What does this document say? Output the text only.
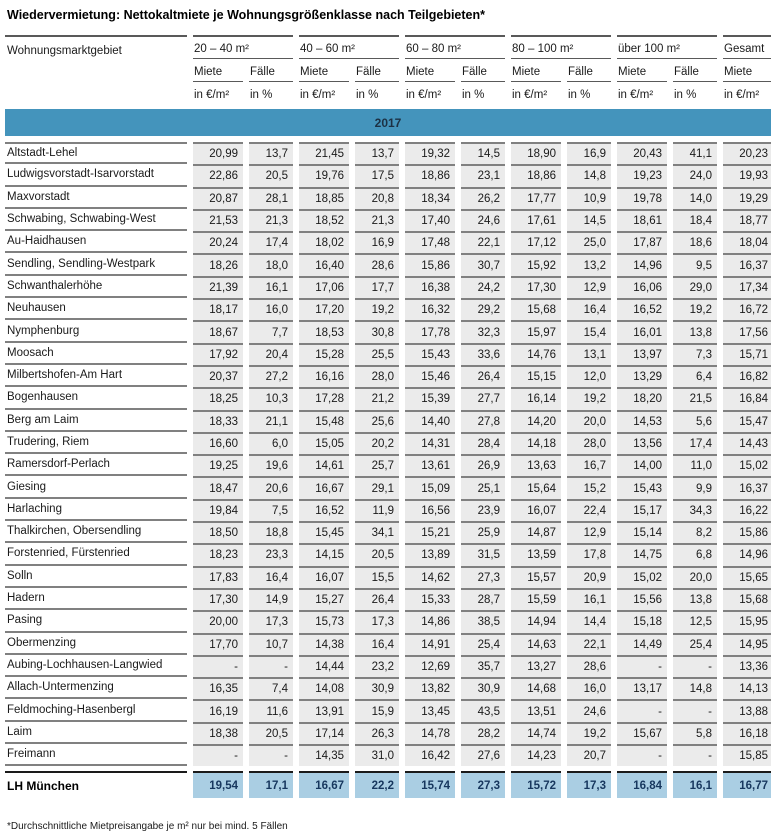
Wiedervermietung: Nettokaltmiete je Wohnungsgrößenklasse nach Teilgebieten*
Wohnungsmarktgebiet	20 – 40 m²	40 – 60 m²	60 – 80 m²	80 – 100 m²	über 100 m²	Gesamt
Miete	Fälle	Miete	Fälle	Miete	Fälle	Miete	Fälle	Miete	Fälle	Miete
in €/m²	in %	in €/m²	in %	in €/m²	in %	in €/m²	in %	in €/m²	in %	in €/m²
2017
Altstadt-Lehel	20,99	13,7	21,45	13,7	19,32	14,5	18,90	16,9	20,43	41,1	20,23
Ludwigsvorstadt-Isarvorstadt	22,86	20,5	19,76	17,5	18,86	23,1	18,86	14,8	19,23	24,0	19,93
Maxvorstadt	20,87	28,1	18,85	20,8	18,34	26,2	17,77	10,9	19,78	14,0	19,29
Schwabing, Schwabing-West	21,53	21,3	18,52	21,3	17,40	24,6	17,61	14,5	18,61	18,4	18,77
Au-Haidhausen	20,24	17,4	18,02	16,9	17,48	22,1	17,12	25,0	17,87	18,6	18,04
Sendling, Sendling-Westpark	18,26	18,0	16,40	28,6	15,86	30,7	15,92	13,2	14,96	9,5	16,37
Schwanthalerhöhe	21,39	16,1	17,06	17,7	16,38	24,2	17,30	12,9	16,06	29,0	17,34
Neuhausen	18,17	16,0	17,20	19,2	16,32	29,2	15,68	16,4	16,52	19,2	16,72
Nymphenburg	18,67	7,7	18,53	30,8	17,78	32,3	15,97	15,4	16,01	13,8	17,56
Moosach	17,92	20,4	15,28	25,5	15,43	33,6	14,76	13,1	13,97	7,3	15,71
Milbertshofen-Am Hart	20,37	27,2	16,16	28,0	15,46	26,4	15,15	12,0	13,29	6,4	16,82
Bogenhausen	18,25	10,3	17,28	21,2	15,39	27,7	16,14	19,2	18,20	21,5	16,84
Berg am Laim	18,33	21,1	15,48	25,6	14,40	27,8	14,20	20,0	14,53	5,6	15,47
Trudering, Riem	16,60	6,0	15,05	20,2	14,31	28,4	14,18	28,0	13,56	17,4	14,43
Ramersdorf-Perlach	19,25	19,6	14,61	25,7	13,61	26,9	13,63	16,7	14,00	11,0	15,02
Giesing	18,47	20,6	16,67	29,1	15,09	25,1	15,64	15,2	15,43	9,9	16,37
Harlaching	19,84	7,5	16,52	11,9	16,56	23,9	16,07	22,4	15,17	34,3	16,22
Thalkirchen, Obersendling	18,50	18,8	15,45	34,1	15,21	25,9	14,87	12,9	15,14	8,2	15,86
Forstenried, Fürstenried	18,23	23,3	14,15	20,5	13,89	31,5	13,59	17,8	14,75	6,8	14,96
Solln	17,83	16,4	16,07	15,5	14,62	27,3	15,57	20,9	15,02	20,0	15,65
Hadern	17,30	14,9	15,27	26,4	15,33	28,7	15,59	16,1	15,56	13,8	15,68
Pasing	20,00	17,3	15,73	17,3	14,86	38,5	14,94	14,4	15,18	12,5	15,95
Obermenzing	17,70	10,7	14,38	16,4	14,91	25,4	14,63	22,1	14,49	25,4	14,95
Aubing-Lochhausen-Langwied	-	-	14,44	23,2	12,69	35,7	13,27	28,6	-	-	13,36
Allach-Untermenzing	16,35	7,4	14,08	30,9	13,82	30,9	14,68	16,0	13,17	14,8	14,13
Feldmoching-Hasenbergl	16,19	11,6	13,91	15,9	13,45	43,5	13,51	24,6	-	-	13,88
Laim	18,38	20,5	17,14	26,3	14,78	28,2	14,74	19,2	15,67	5,8	16,18
Freimann	-	-	14,35	31,0	16,42	27,6	14,23	20,7	-	-	15,85
LH München	19,54	17,1	16,67	22,2	15,74	27,3	15,72	17,3	16,84	16,1	16,77
*Durchschnittliche Mietpreisangabe je m² nur bei mind. 5 Fällen
